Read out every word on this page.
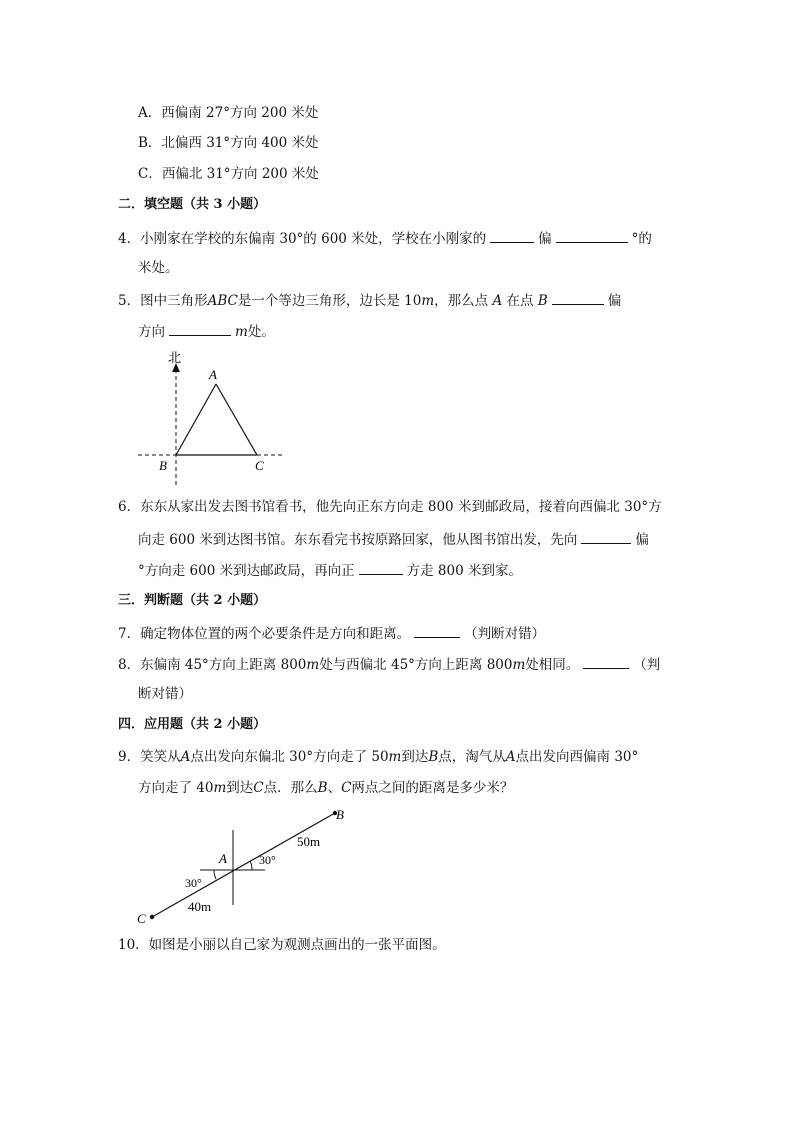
A．西偏南 27°方向 200 米处
B．北偏西 31°方向 400 米处
C．西偏北 31°方向 200 米处
二．填空题（共 3 小题）
4．小刚家在学校的东偏南 30°的 600 米处，学校在小刚家的	偏	°的
米处。
5．图中三角形ABC是一个等边三角形，边长是 10m，那么点 A 在点 B	偏
方向	m处。
北
A
B	C
6．东东从家出发去图书馆看书，他先向正东方向走 800 米到邮政局，接着向西偏北 30°方
向走 600 米到达图书馆。东东看完书按原路回家，他从图书馆出发，先向	偏
°方向走 600 米到达邮政局，再向正	方走 800 米到家。
三．判断题（共 2 小题）
7．确定物体位置的两个必要条件是方向和距离。	（判断对错）
8．东偏南 45°方向上距离 800m处与西偏北 45°方向上距离 800m处相同。	（判
断对错）
四．应用题（共 2 小题）
9．笑笑从A点出发向东偏北 30°方向走了 50m到达B点，淘气从A点出发向西偏南 30°
方向走了 40m到达C点．那么B、C两点之间的距离是多少米？
B
A
C
50m
40m
30°
30°
10．如图是小丽以自己家为观测点画出的一张平面图。
